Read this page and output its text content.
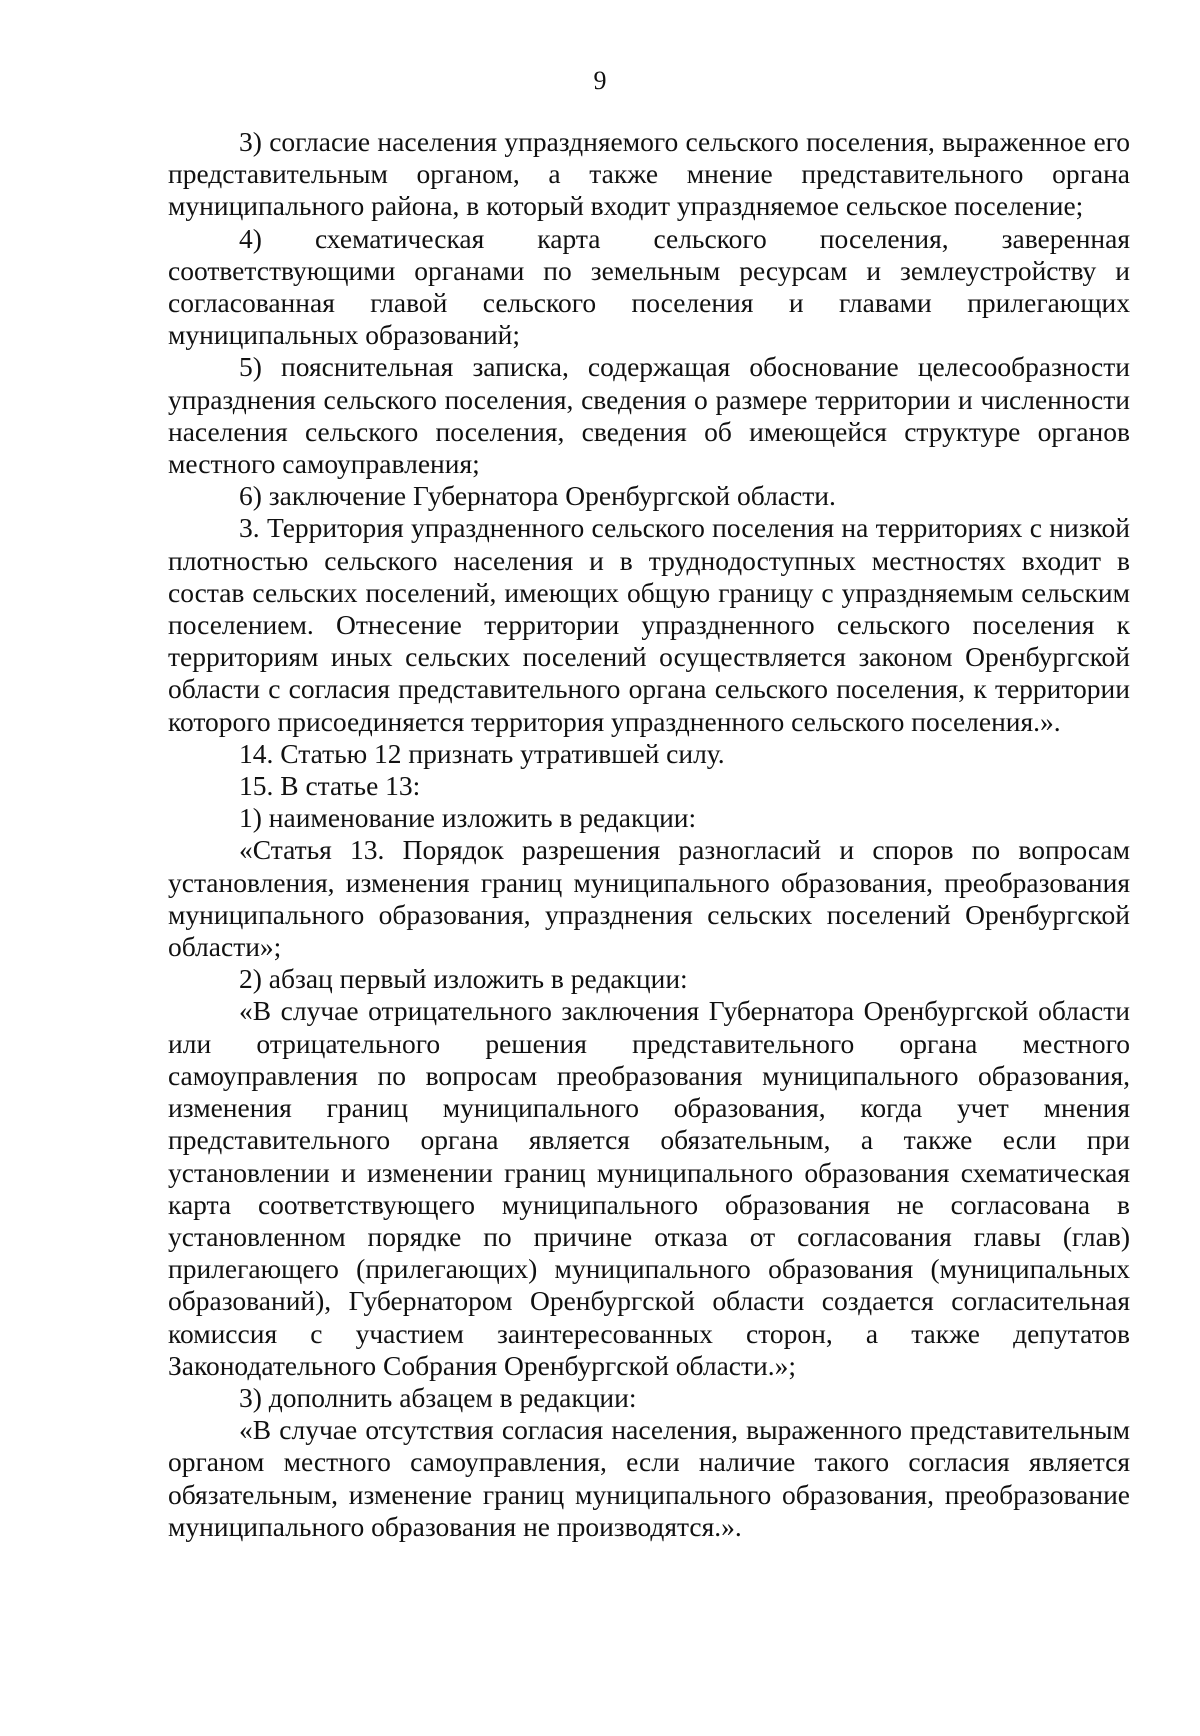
9

3) согласие населения упраздняемого сельского поселения, выраженное его представительным органом, а также мнение представительного органа муниципального района, в который входит упраздняемое сельское поселение;

4) схематическая карта сельского поселения, заверенная соответствующими органами по земельным ресурсам и землеустройству и согласованная главой сельского поселения и главами прилегающих муниципальных образований;

5) пояснительная записка, содержащая обоснование целесообразности упразднения сельского поселения, сведения о размере территории и численности населения сельского поселения, сведения об имеющейся структуре органов местного самоуправления;

6) заключение Губернатора Оренбургской области.

3. Территория упраздненного сельского поселения на территориях с низкой плотностью сельского населения и в труднодоступных местностях входит в состав сельских поселений, имеющих общую границу с упраздняемым сельским поселением. Отнесение территории упраздненного сельского поселения к территориям иных сельских поселений осуществляется законом Оренбургской области с согласия представительного органа сельского поселения, к территории которого присоединяется территория упраздненного сельского поселения.».

14. Статью 12 признать утратившей силу.

15. В статье 13:

1) наименование изложить в редакции:

«Статья 13. Порядок разрешения разногласий и споров по вопросам установления, изменения границ муниципального образования, преобразования муниципального образования, упразднения сельских поселений Оренбургской области»;

2) абзац первый изложить в редакции:

«В случае отрицательного заключения Губернатора Оренбургской области или отрицательного решения представительного органа местного самоуправления по вопросам преобразования муниципального образования, изменения границ муниципального образования, когда учет мнения представительного органа является обязательным, а также если при установлении и изменении границ муниципального образования схематическая карта соответствующего муниципального образования не согласована в установленном порядке по причине отказа от согласования главы (глав) прилегающего (прилегающих) муниципального образования (муниципальных образований), Губернатором Оренбургской области создается согласительная комиссия с участием заинтересованных сторон, а также депутатов Законодательного Собрания Оренбургской области.»;

3) дополнить абзацем в редакции:

«В случае отсутствия согласия населения, выраженного представительным органом местного самоуправления, если наличие такого согласия является обязательным, изменение границ муниципального образования, преобразование муниципального образования не производятся.».
